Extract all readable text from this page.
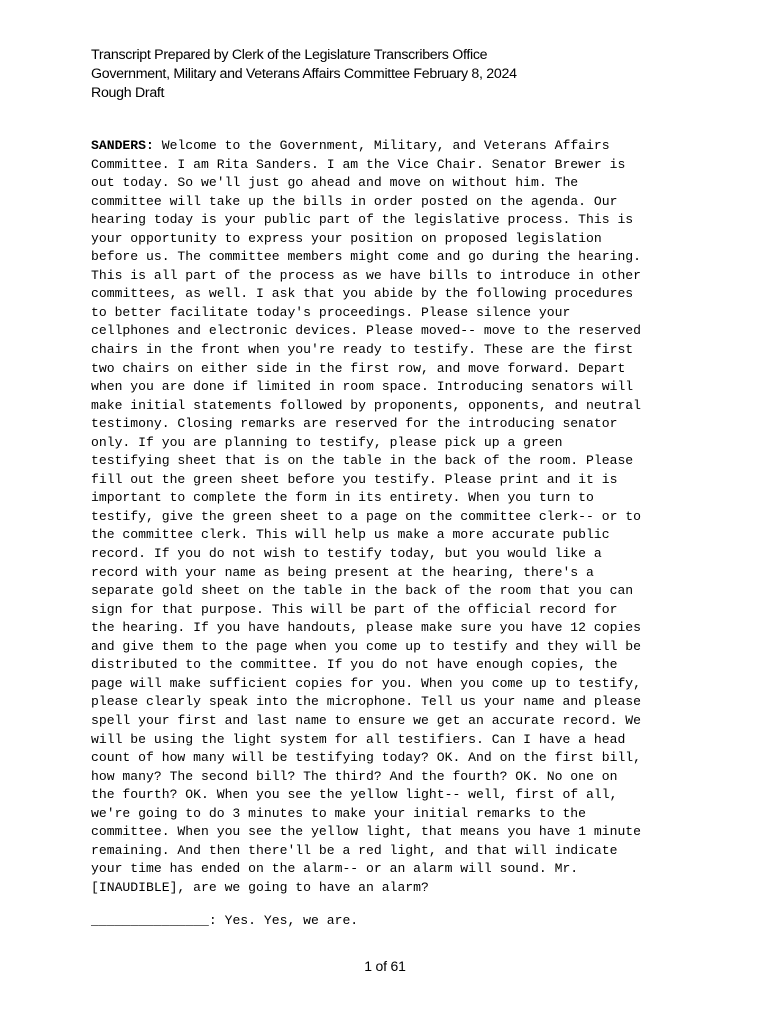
Transcript Prepared by Clerk of the Legislature Transcribers Office
Government, Military and Veterans Affairs Committee February 8, 2024
Rough Draft
SANDERS: Welcome to the Government, Military, and Veterans Affairs
Committee. I am Rita Sanders. I am the Vice Chair. Senator Brewer is
out today. So we'll just go ahead and move on without him. The
committee will take up the bills in order posted on the agenda. Our
hearing today is your public part of the legislative process. This is
your opportunity to express your position on proposed legislation
before us. The committee members might come and go during the hearing.
This is all part of the process as we have bills to introduce in other
committees, as well. I ask that you abide by the following procedures
to better facilitate today's proceedings. Please silence your
cellphones and electronic devices. Please moved-- move to the reserved
chairs in the front when you're ready to testify. These are the first
two chairs on either side in the first row, and move forward. Depart
when you are done if limited in room space. Introducing senators will
make initial statements followed by proponents, opponents, and neutral
testimony. Closing remarks are reserved for the introducing senator
only. If you are planning to testify, please pick up a green
testifying sheet that is on the table in the back of the room. Please
fill out the green sheet before you testify. Please print and it is
important to complete the form in its entirety. When you turn to
testify, give the green sheet to a page on the committee clerk-- or to
the committee clerk. This will help us make a more accurate public
record. If you do not wish to testify today, but you would like a
record with your name as being present at the hearing, there's a
separate gold sheet on the table in the back of the room that you can
sign for that purpose. This will be part of the official record for
the hearing. If you have handouts, please make sure you have 12 copies
and give them to the page when you come up to testify and they will be
distributed to the committee. If you do not have enough copies, the
page will make sufficient copies for you. When you come up to testify,
please clearly speak into the microphone. Tell us your name and please
spell your first and last name to ensure we get an accurate record. We
will be using the light system for all testifiers. Can I have a head
count of how many will be testifying today? OK. And on the first bill,
how many? The second bill? The third? And the fourth? OK. No one on
the fourth? OK. When you see the yellow light-- well, first of all,
we're going to do 3 minutes to make your initial remarks to the
committee. When you see the yellow light, that means you have 1 minute
remaining. And then there'll be a red light, and that will indicate
your time has ended on the alarm-- or an alarm will sound. Mr.
[INAUDIBLE], are we going to have an alarm?
_______________: Yes. Yes, we are.
1 of 61
